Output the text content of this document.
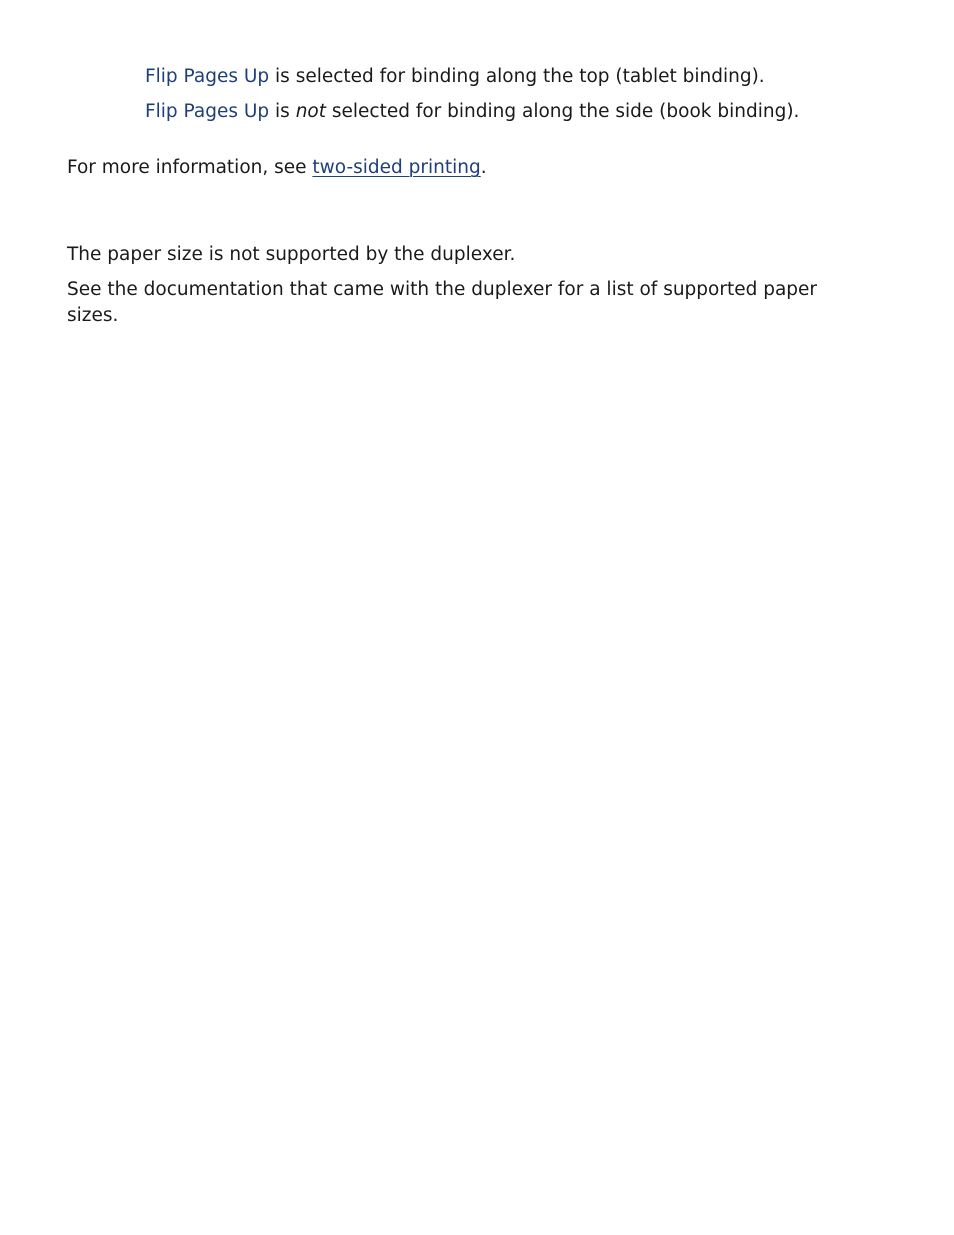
Flip Pages Up is selected for binding along the top (tablet binding).

Flip Pages Up is not selected for binding along the side (book binding).

For more information, see two-sided printing.

The paper size is not supported by the duplexer.

See the documentation that came with the duplexer for a list of supported paper sizes.
